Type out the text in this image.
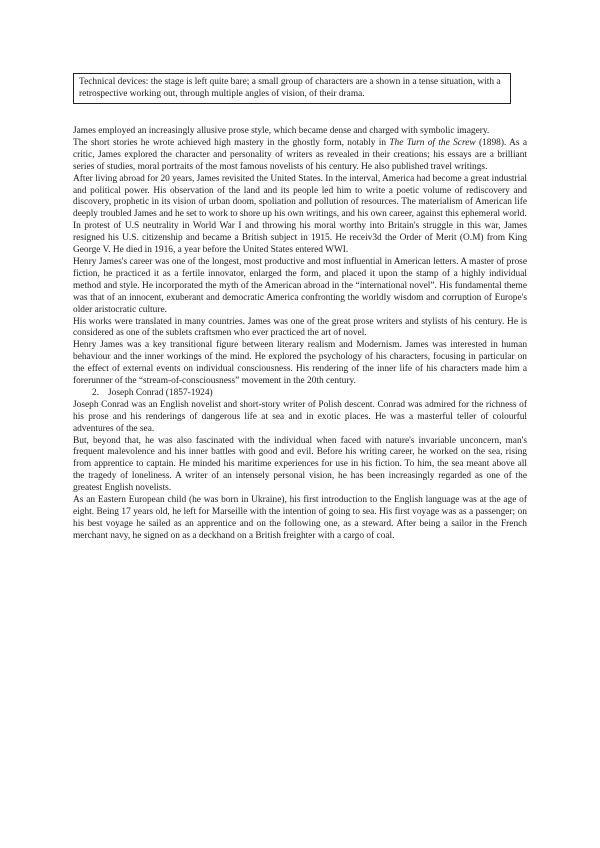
Technical devices: the stage is left quite bare; a small group of characters are a shown in a tense situation, with a retrospective working out, through multiple angles of vision, of their drama.

James employed an increasingly allusive prose style, which became dense and charged with symbolic imagery.

The short stories he wrote achieved high mastery in the ghostly form, notably in The Turn of the Screw (1898). As a critic, James explored the character and personality of writers as revealed in their creations; his essays are a brilliant series of studies, moral portraits of the most famous novelists of his century. He also published travel writings.

After living abroad for 20 years, James revisited the United States. In the interval, America had become a great industrial and political power. His observation of the land and its people led him to write a poetic volume of rediscovery and discovery, prophetic in its vision of urban doom, spoliation and pollution of resources. The materialism of American life deeply troubled James and he set to work to shore up his own writings, and his own career, against this ephemeral world.

In protest of U.S neutrality in World War I and throwing his moral worthy into Britain's struggle in this war, James resigned his U.S. citizenship and became a British subject in 1915. He receiv3d the Order of Merit (O.M) from King George V. He died in 1916, a year before the United States entered WWI.

Henry James's career was one of the longest, most productive and most influential in American letters. A master of prose fiction, he practiced it as a fertile innovator, enlarged the form, and placed it upon the stamp of a highly individual method and style. He incorporated the myth of the American abroad in the “international novel”. His fundamental theme was that of an innocent, exuberant and democratic America confronting the worldly wisdom and corruption of Europe's older aristocratic culture.

His works were translated in many countries. James was one of the great prose writers and stylists of his century. He is considered as one of the sublets craftsmen who ever practiced the art of novel.

Henry James was a key transitional figure between literary realism and Modernism. James was interested in human behaviour and the inner workings of the mind. He explored the psychology of his characters, focusing in particular on the effect of external events on individual consciousness. His rendering of the inner life of his characters made him a forerunner of the “stream-of-consciousness” movement in the 20th century.

2. Joseph Conrad (1857-1924)

Joseph Conrad was an English novelist and short-story writer of Polish descent. Conrad was admired for the richness of his prose and his renderings of dangerous life at sea and in exotic places. He was a masterful teller of colourful adventures of the sea.

But, beyond that, he was also fascinated with the individual when faced with nature's invariable unconcern, man's frequent malevolence and his inner battles with good and evil. Before his writing career, he worked on the sea, rising from apprentice to captain. He minded his maritime experiences for use in his fiction. To him, the sea meant above all the tragedy of loneliness. A writer of an intensely personal vision, he has been increasingly regarded as one of the greatest English novelists.

As an Eastern European child (he was born in Ukraine), his first introduction to the English language was at the age of eight. Being 17 years old, he left for Marseille with the intention of going to sea. His first voyage was as a passenger; on his best voyage he sailed as an apprentice and on the following one, as a steward. After being a sailor in the French merchant navy, he signed on as a deckhand on a British freighter with a cargo of coal.
